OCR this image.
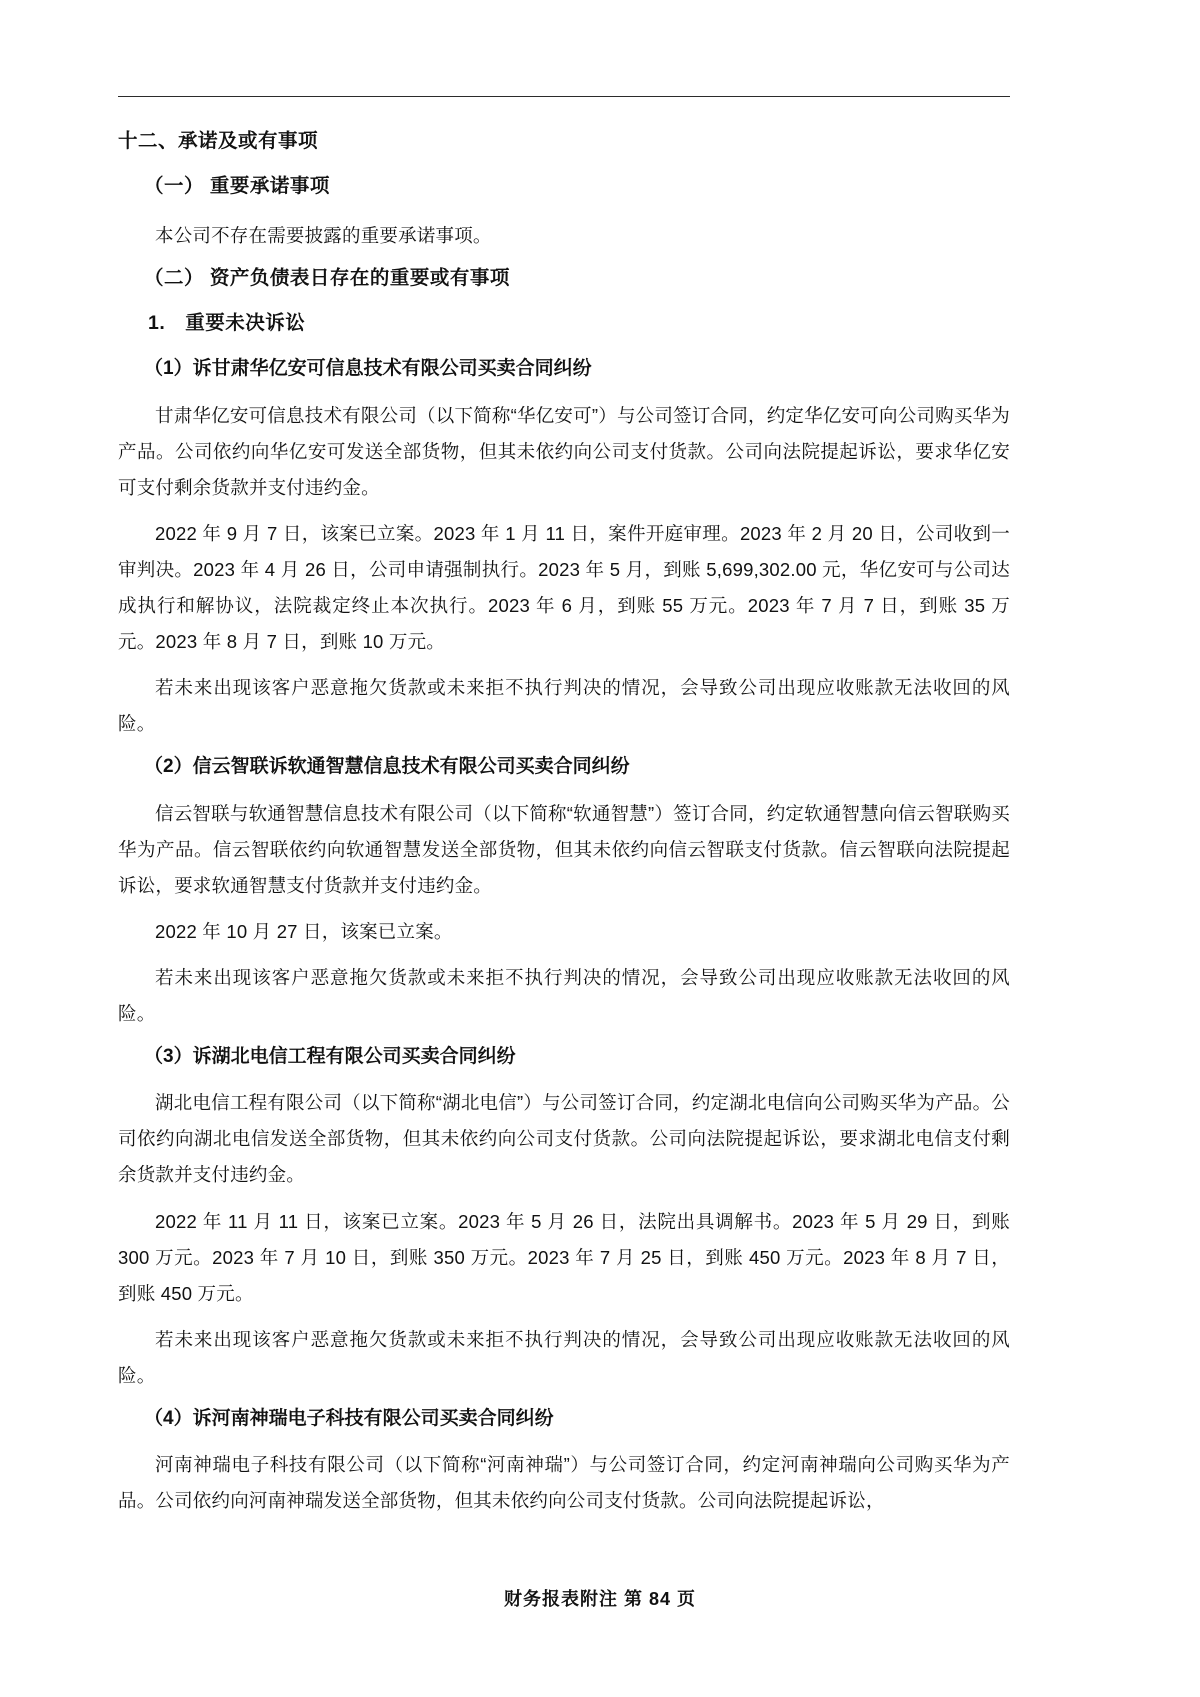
十二、承诺及或有事项
（一） 重要承诺事项

本公司不存在需要披露的重要承诺事项。

（二） 资产负债表日存在的重要或有事项
1.　重要未决诉讼
（1）诉甘肃华亿安可信息技术有限公司买卖合同纠纷

甘肃华亿安可信息技术有限公司（以下简称“华亿安可”）与公司签订合同，约定华亿安可向公司购买华为产品。公司依约向华亿安可发送全部货物，但其未依约向公司支付货款。公司向法院提起诉讼，要求华亿安可支付剩余货款并支付违约金。

2022 年 9 月 7 日，该案已立案。2023 年 1 月 11 日，案件开庭审理。2023 年 2 月 20 日，公司收到一审判决。2023 年 4 月 26 日，公司申请强制执行。2023 年 5 月，到账 5,699,302.00 元，华亿安可与公司达成执行和解协议，法院裁定终止本次执行。2023 年 6 月，到账 55 万元。2023 年 7 月 7 日，到账 35 万元。2023 年 8 月 7 日，到账 10 万元。

若未来出现该客户恶意拖欠货款或未来拒不执行判决的情况，会导致公司出现应收账款无法收回的风险。

（2）信云智联诉软通智慧信息技术有限公司买卖合同纠纷

信云智联与软通智慧信息技术有限公司（以下简称“软通智慧”）签订合同，约定软通智慧向信云智联购买华为产品。信云智联依约向软通智慧发送全部货物，但其未依约向信云智联支付货款。信云智联向法院提起诉讼，要求软通智慧支付货款并支付违约金。

2022 年 10 月 27 日，该案已立案。

若未来出现该客户恶意拖欠货款或未来拒不执行判决的情况，会导致公司出现应收账款无法收回的风险。

（3）诉湖北电信工程有限公司买卖合同纠纷

湖北电信工程有限公司（以下简称“湖北电信”）与公司签订合同，约定湖北电信向公司购买华为产品。公司依约向湖北电信发送全部货物，但其未依约向公司支付货款。公司向法院提起诉讼，要求湖北电信支付剩余货款并支付违约金。

2022 年 11 月 11 日，该案已立案。2023 年 5 月 26 日，法院出具调解书。2023 年 5 月 29 日，到账 300 万元。2023 年 7 月 10 日，到账 350 万元。2023 年 7 月 25 日，到账 450 万元。2023 年 8 月 7 日，到账 450 万元。

若未来出现该客户恶意拖欠货款或未来拒不执行判决的情况，会导致公司出现应收账款无法收回的风险。

（4）诉河南神瑞电子科技有限公司买卖合同纠纷

河南神瑞电子科技有限公司（以下简称“河南神瑞”）与公司签订合同，约定河南神瑞向公司购买华为产品。公司依约向河南神瑞发送全部货物，但其未依约向公司支付货款。公司向法院提起诉讼，

财务报表附注 第 84 页
